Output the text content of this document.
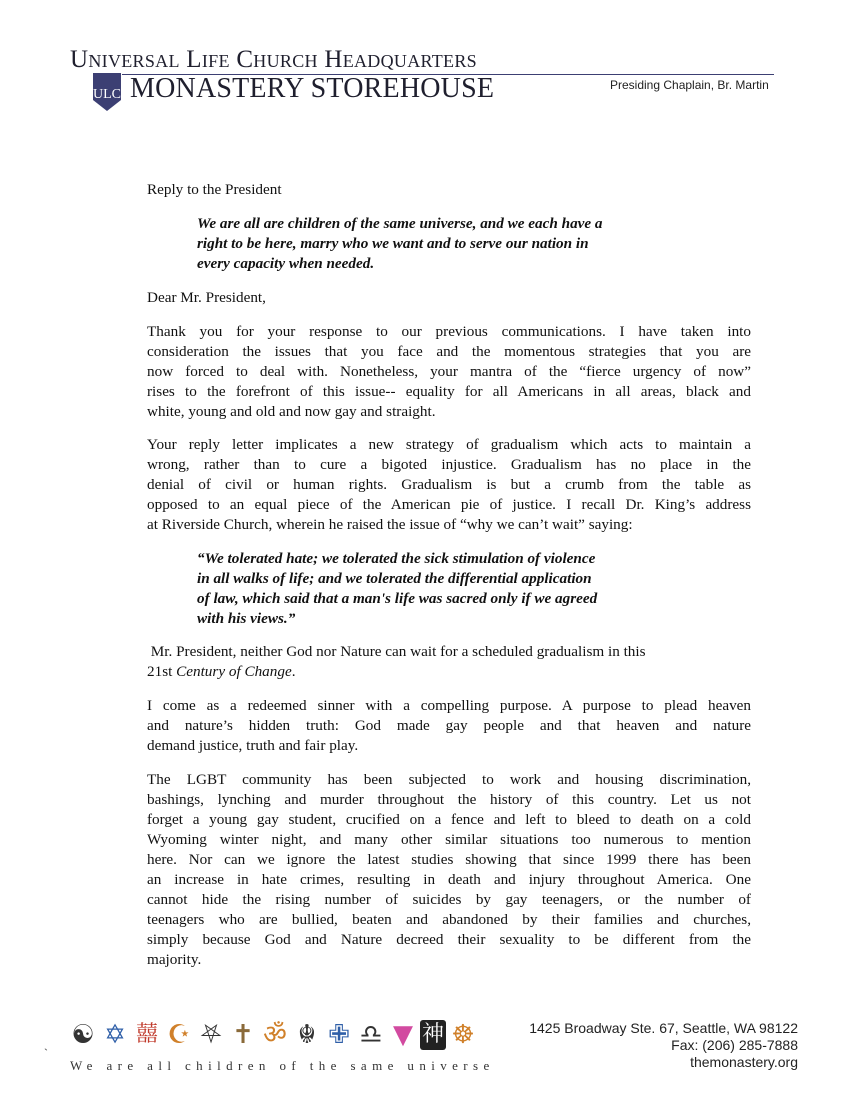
Universal Life Church Headquarters
ULC MONASTERY STOREHOUSE	Presiding Chaplain, Br. Martin
Reply to the President
We are all are children of the same universe, and we each have a
right to be here, marry who we want and to serve our nation in
every capacity when needed.
Dear Mr. President,
Thank you for your response to our previous communications. I have taken into
consideration the issues that you face and the momentous strategies that you are
now forced to deal with. Nonetheless, your mantra of the “fierce urgency of now”
rises to the forefront of this issue-- equality for all Americans in all areas, black and
white, young and old and now gay and straight.
Your reply letter implicates a new strategy of gradualism which acts to maintain a
wrong, rather than to cure a bigoted injustice. Gradualism has no place in the
denial of civil or human rights. Gradualism is but a crumb from the table as
opposed to an equal piece of the American pie of justice. I recall Dr. King’s address
at Riverside Church, wherein he raised the issue of “why we can’t wait” saying:
“We tolerated hate; we tolerated the sick stimulation of violence
in all walks of life; and we tolerated the differential application
of law, which said that a man's life was sacred only if we agreed
with his views.”
Mr. President, neither God nor Nature can wait for a scheduled gradualism in this
21st Century of Change.
I come as a redeemed sinner with a compelling purpose. A purpose to plead heaven
and nature’s hidden truth: God made gay people and that heaven and nature
demand justice, truth and fair play.
The LGBT community has been subjected to work and housing discrimination,
bashings, lynching and murder throughout the history of this country. Let us not
forget a young gay student, crucified on a fence and left to bleed to death on a cold
Wyoming winter night, and many other similar situations too numerous to mention
here. Nor can we ignore the latest studies showing that since 1999 there has been
an increase in hate crimes, resulting in death and injury throughout America. One
cannot hide the rising number of suicides by gay teenagers, or the number of
teenagers who are bullied, beaten and abandoned by their families and churches,
simply because God and Nature decreed their sexuality to be different from the
majority.
`
☯ ✡ 囍 ☪ ⛧ ✝ ॐ ☬ ✙ ♎ ▼ 神 ☸
We are all children of the same universe
1425 Broadway Ste. 67, Seattle, WA 98122
Fax: (206) 285-7888
themonastery.org
